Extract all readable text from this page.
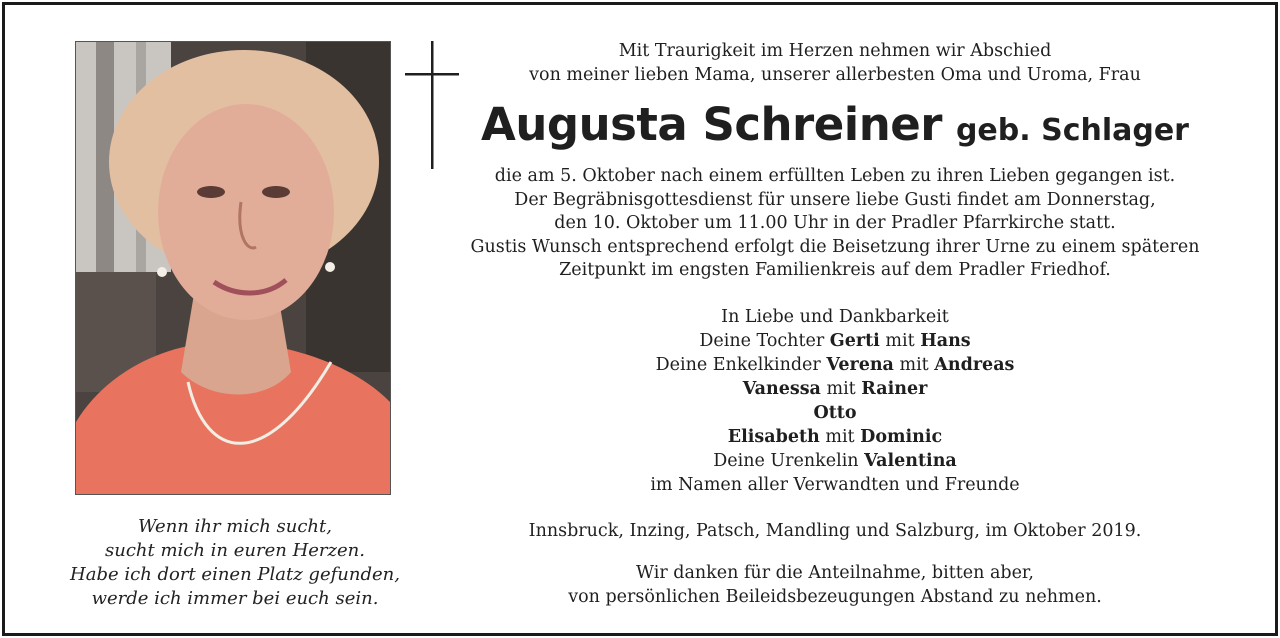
Wenn ihr mich sucht,
sucht mich in euren Herzen.
Habe ich dort einen Platz gefunden,
werde ich immer bei euch sein.
Mit Traurigkeit im Herzen nehmen wir Abschied
von meiner lieben Mama, unserer allerbesten Oma und Uroma, Frau
Augusta Schreiner geb. Schlager
die am 5. Oktober nach einem erfüllten Leben zu ihren Lieben gegangen ist.
Der Begräbnisgottesdienst für unsere liebe Gusti findet am Donnerstag,
den 10. Oktober um 11.00 Uhr in der Pradler Pfarrkirche statt.
Gustis Wunsch entsprechend erfolgt die Beisetzung ihrer Urne zu einem späteren
Zeitpunkt im engsten Familienkreis auf dem Pradler Friedhof.
In Liebe und Dankbarkeit
Deine Tochter Gerti mit Hans
Deine Enkelkinder Verena mit Andreas
Vanessa mit Rainer
Otto
Elisabeth mit Dominic
Deine Urenkelin Valentina
im Namen aller Verwandten und Freunde
Innsbruck, Inzing, Patsch, Mandling und Salzburg, im Oktober 2019.
Wir danken für die Anteilnahme, bitten aber,
von persönlichen Beileidsbezeugungen Abstand zu nehmen.
